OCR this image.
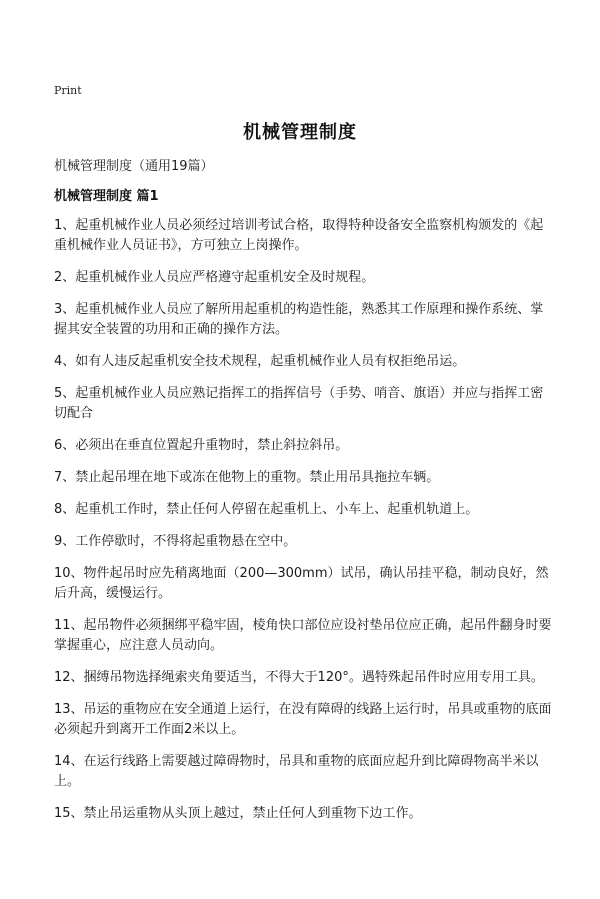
Print
机械管理制度
机械管理制度（通用19篇）
机械管理制度 篇1
1、起重机械作业人员必须经过培训考试合格，取得特种设备安全监察机构颁发的《起重机械作业人员证书》，方可独立上岗操作。
2、起重机械作业人员应严格遵守起重机安全及时规程。
3、起重机械作业人员应了解所用起重机的构造性能，熟悉其工作原理和操作系统、掌握其安全装置的功用和正确的操作方法。
4、如有人违反起重机安全技术规程，起重机械作业人员有权拒绝吊运。
5、起重机械作业人员应熟记指挥工的指挥信号（手势、哨音、旗语）并应与指挥工密切配合
6、必须出在垂直位置起升重物时，禁止斜拉斜吊。
7、禁止起吊埋在地下或冻在他物上的重物。禁止用吊具拖拉车辆。
8、起重机工作时，禁止任何人停留在起重机上、小车上、起重机轨道上。
9、工作停歇时，不得将起重物悬在空中。
10、物件起吊时应先稍离地面（200—300mm）试吊，确认吊挂平稳，制动良好，然后升高，缓慢运行。
11、起吊物件必须捆绑平稳牢固，棱角快口部位应设衬垫吊位应正确，起吊件翻身时要掌握重心，应注意人员动向。
12、捆缚吊物选择绳索夹角要适当，不得大于120°。遇特殊起吊件时应用专用工具。
13、吊运的重物应在安全通道上运行，在没有障碍的线路上运行时，吊具或重物的底面必须起升到离开工作面2米以上。
14、在运行线路上需要越过障碍物时，吊具和重物的底面应起升到比障碍物高半米以上。
15、禁止吊运重物从头顶上越过，禁止任何人到重物下边工作。
